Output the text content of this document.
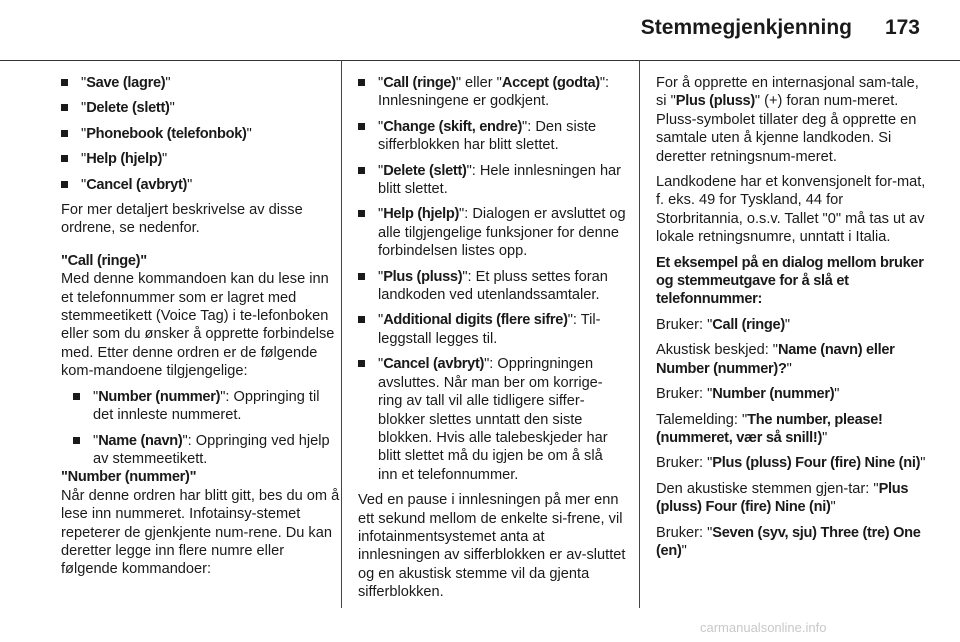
Stemmegjenkjenning 173
"Save (lagre)"
"Delete (slett)"
"Phonebook (telefonbok)"
"Help (hjelp)"
"Cancel (avbryt)"

For mer detaljert beskrivelse av disse ordrene, se nedenfor.

"Call (ringe)"

Med denne kommandoen kan du lese inn et telefonnummer som er lagret med stemmeetikett (Voice Tag) i te-lefonboken eller som du ønsker å opprette forbindelse med. Etter denne ordren er de følgende kom-mandoene tilgjengelige:

"Number (nummer)": Oppringing til det innleste nummeret.
"Name (navn)": Oppringing ved hjelp av stemmeetikett.
"Number (nummer)"

Når denne ordren har blitt gitt, bes du om å lese inn nummeret. Infotainsy-stemet repeterer de gjenkjente num-rene. Du kan deretter legge inn flere numre eller følgende kommandoer:

"Call (ringe)" eller "Accept (godta)": Innlesningene er godkjent.
"Change (skift, endre)": Den siste sifferblokken har blitt slettet.
"Delete (slett)": Hele innlesningen har blitt slettet.
"Help (hjelp)": Dialogen er avsluttet og alle tilgjengelige funksjoner for denne forbindelsen listes opp.
"Plus (pluss)": Et pluss settes foran landkoden ved utenlandssamtaler.
"Additional digits (flere sifre)": Til-leggstall legges til.
"Cancel (avbryt)": Oppringningen avsluttes. Når man ber om korrige-ring av tall vil alle tidligere siffer-blokker slettes unntatt den siste blokken. Hvis alle talebeskjeder har blitt slettet må du igjen be om å slå inn et telefonnummer.

Ved en pause i innlesningen på mer enn ett sekund mellom de enkelte si-frene, vil infotainmentsystemet anta at innlesningen av sifferblokken er av-sluttet og en akustisk stemme vil da gjenta sifferblokken.

For å opprette en internasjonal sam-tale, si "Plus (pluss)" (+) foran num-meret. Pluss-symbolet tillater deg å opprette en samtale uten å kjenne landkoden. Si deretter retningsnum-meret.

Landkodene har et konvensjonelt for-mat, f. eks. 49 for Tyskland, 44 for Storbritannia, o.s.v. Tallet "0" må tas ut av lokale retningsnumre, unntatt i Italia.

Et eksempel på en dialog mellom bruker og stemmeutgave for å slå et telefonnummer:

Bruker: "Call (ringe)"

Akustisk beskjed: "Name (navn) eller Number (nummer)?"

Bruker: "Number (nummer)"

Talemelding: "The number, please! (nummeret, vær så snill!)"

Bruker: "Plus (pluss) Four (fire) Nine (ni)"

Den akustiske stemmen gjen-tar: "Plus (pluss) Four (fire) Nine (ni)"

Bruker: "Seven (syv, sju) Three (tre) One (en)"

carmanualsonline.info
